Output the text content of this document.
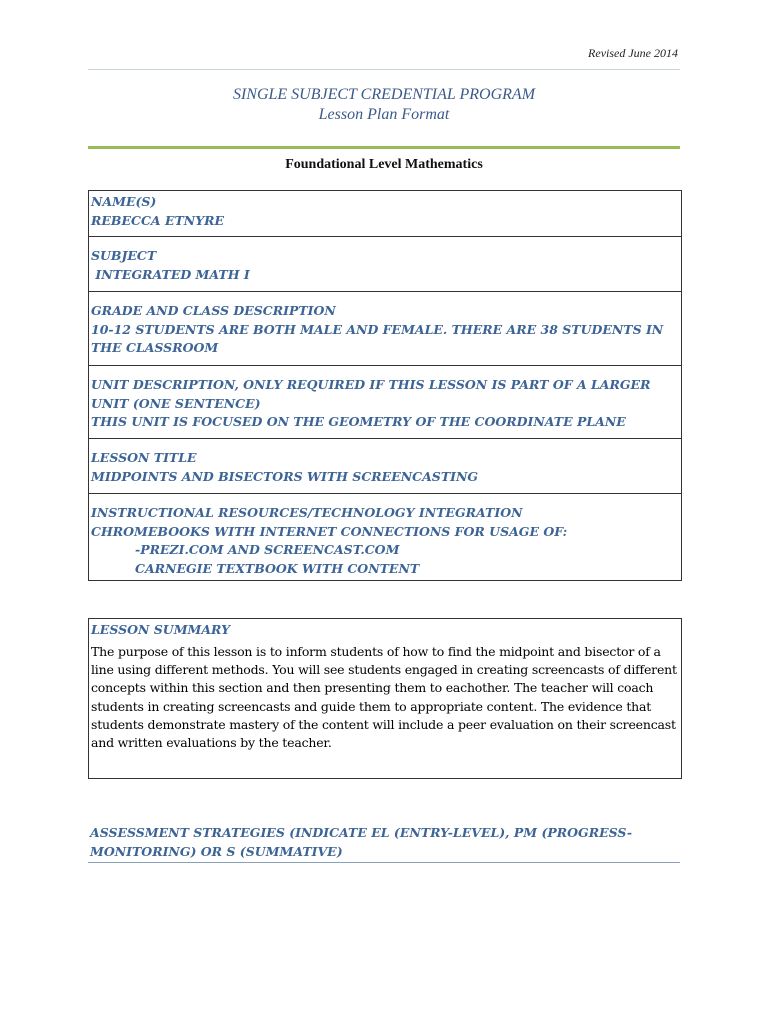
Revised June 2014
SINGLE SUBJECT CREDENTIAL PROGRAM
Lesson Plan Format
Foundational Level Mathematics
NAME(S)
REBECCA ETNYRE

SUBJECT
INTEGRATED MATH I

GRADE AND CLASS DESCRIPTION
10-12 STUDENTS ARE BOTH MALE AND FEMALE. THERE ARE 38 STUDENTS IN THE CLASSROOM

UNIT DESCRIPTION, ONLY REQUIRED IF THIS LESSON IS PART OF A LARGER UNIT (ONE SENTENCE)
THIS UNIT IS FOCUSED ON THE GEOMETRY OF THE COORDINATE PLANE

LESSON TITLE
MIDPOINTS AND BISECTORS WITH SCREENCASTING

INSTRUCTIONAL RESOURCES/TECHNOLOGY INTEGRATION
CHROMEBOOKS WITH INTERNET CONNECTIONS FOR USAGE OF:
-PREZI.COM AND SCREENCAST.COM
CARNEGIE TEXTBOOK WITH CONTENT
LESSON SUMMARY
The purpose of this lesson is to inform students of how to find the midpoint and bisector of a line using different methods. You will see students engaged in creating screencasts of different concepts within this section and then presenting them to eachother. The teacher will coach students in creating screencasts and guide them to appropriate content. The evidence that students demonstrate mastery of the content will include a peer evaluation on their screencast and written evaluations by the teacher.
ASSESSMENT STRATEGIES (INDICATE EL (ENTRY-LEVEL), PM (PROGRESS-MONITORING) OR S (SUMMATIVE)
